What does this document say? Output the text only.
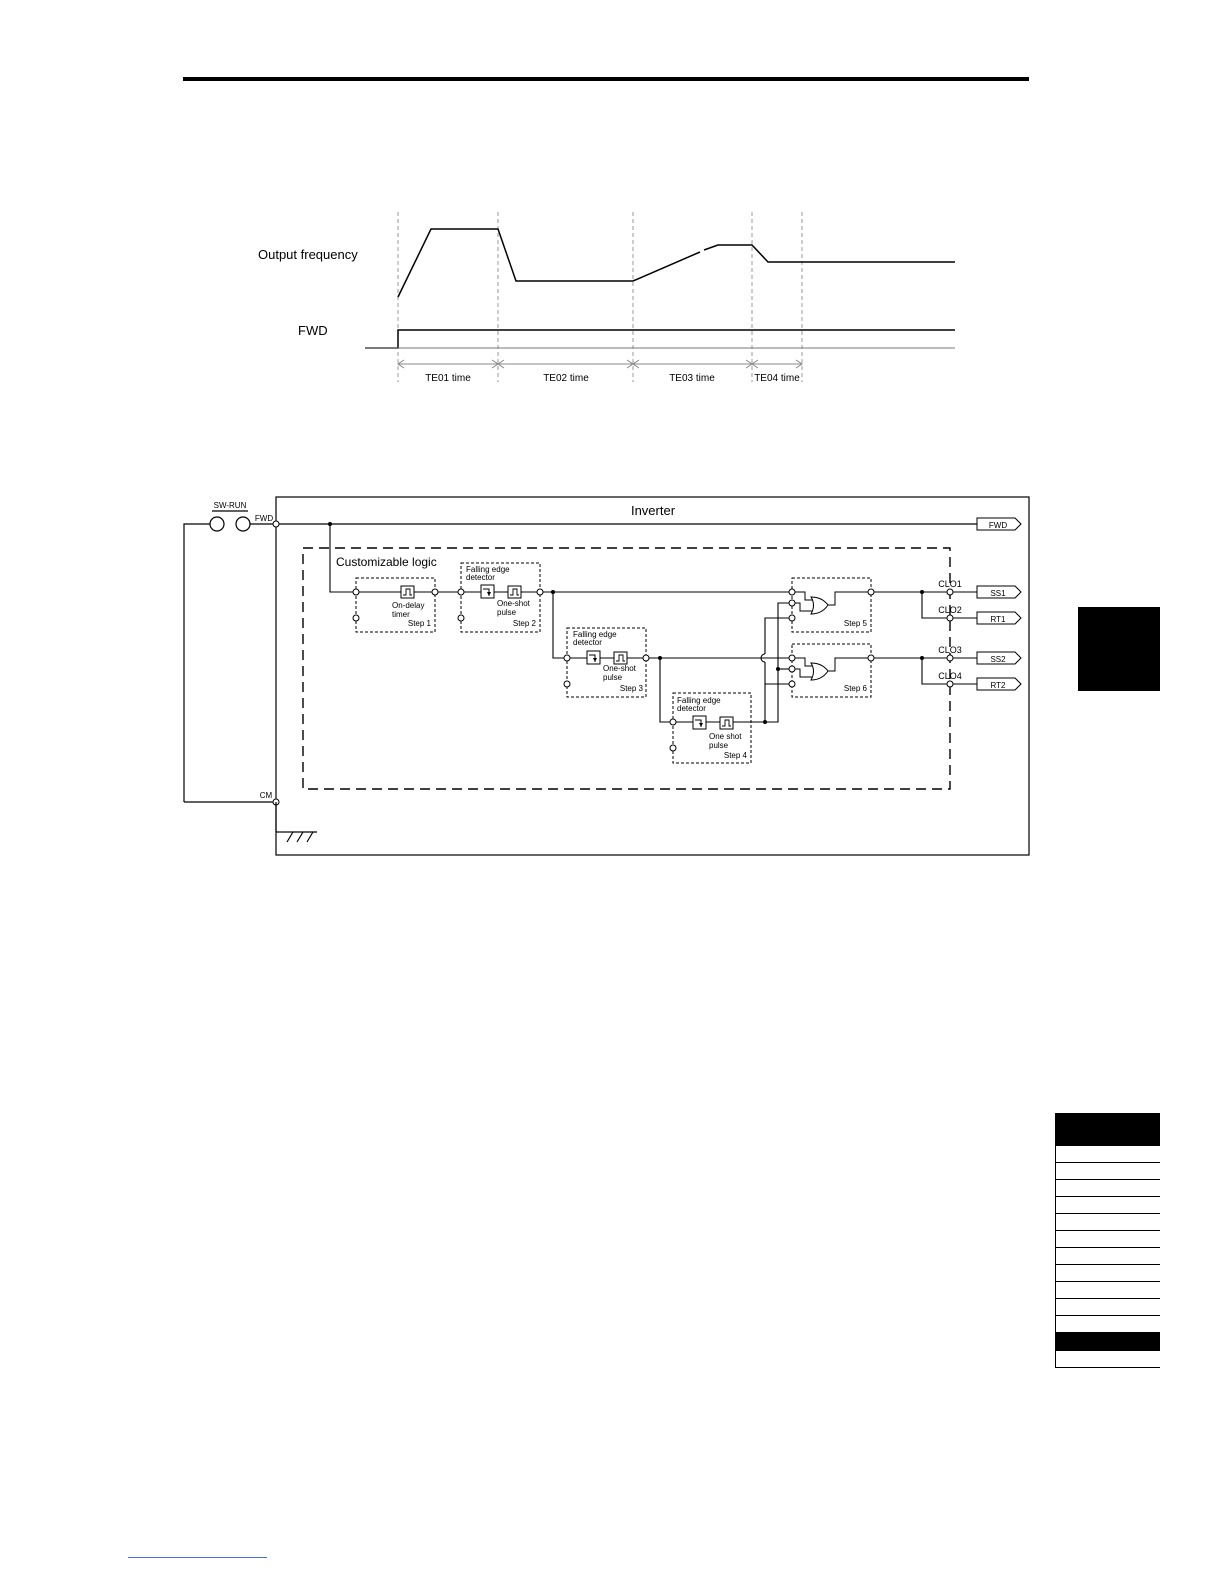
Output frequency
FWD
TE01 time	TE02 time	TE03 time	TE04 time
Inverter
SW-RUN
FWD
CM
FWD
Customizable logic
On-delay
timer
Step 1
Falling edge
detector
One-shot
pulse
Step 2
Falling edge
detector
One-shot
pulse
Step 3
Falling edge
detector
One shot
pulse
Step 4
Step 5
Step 6
CLO1
SS1
CLO2
RT1
CLO3
SS2
CLO4
RT2
